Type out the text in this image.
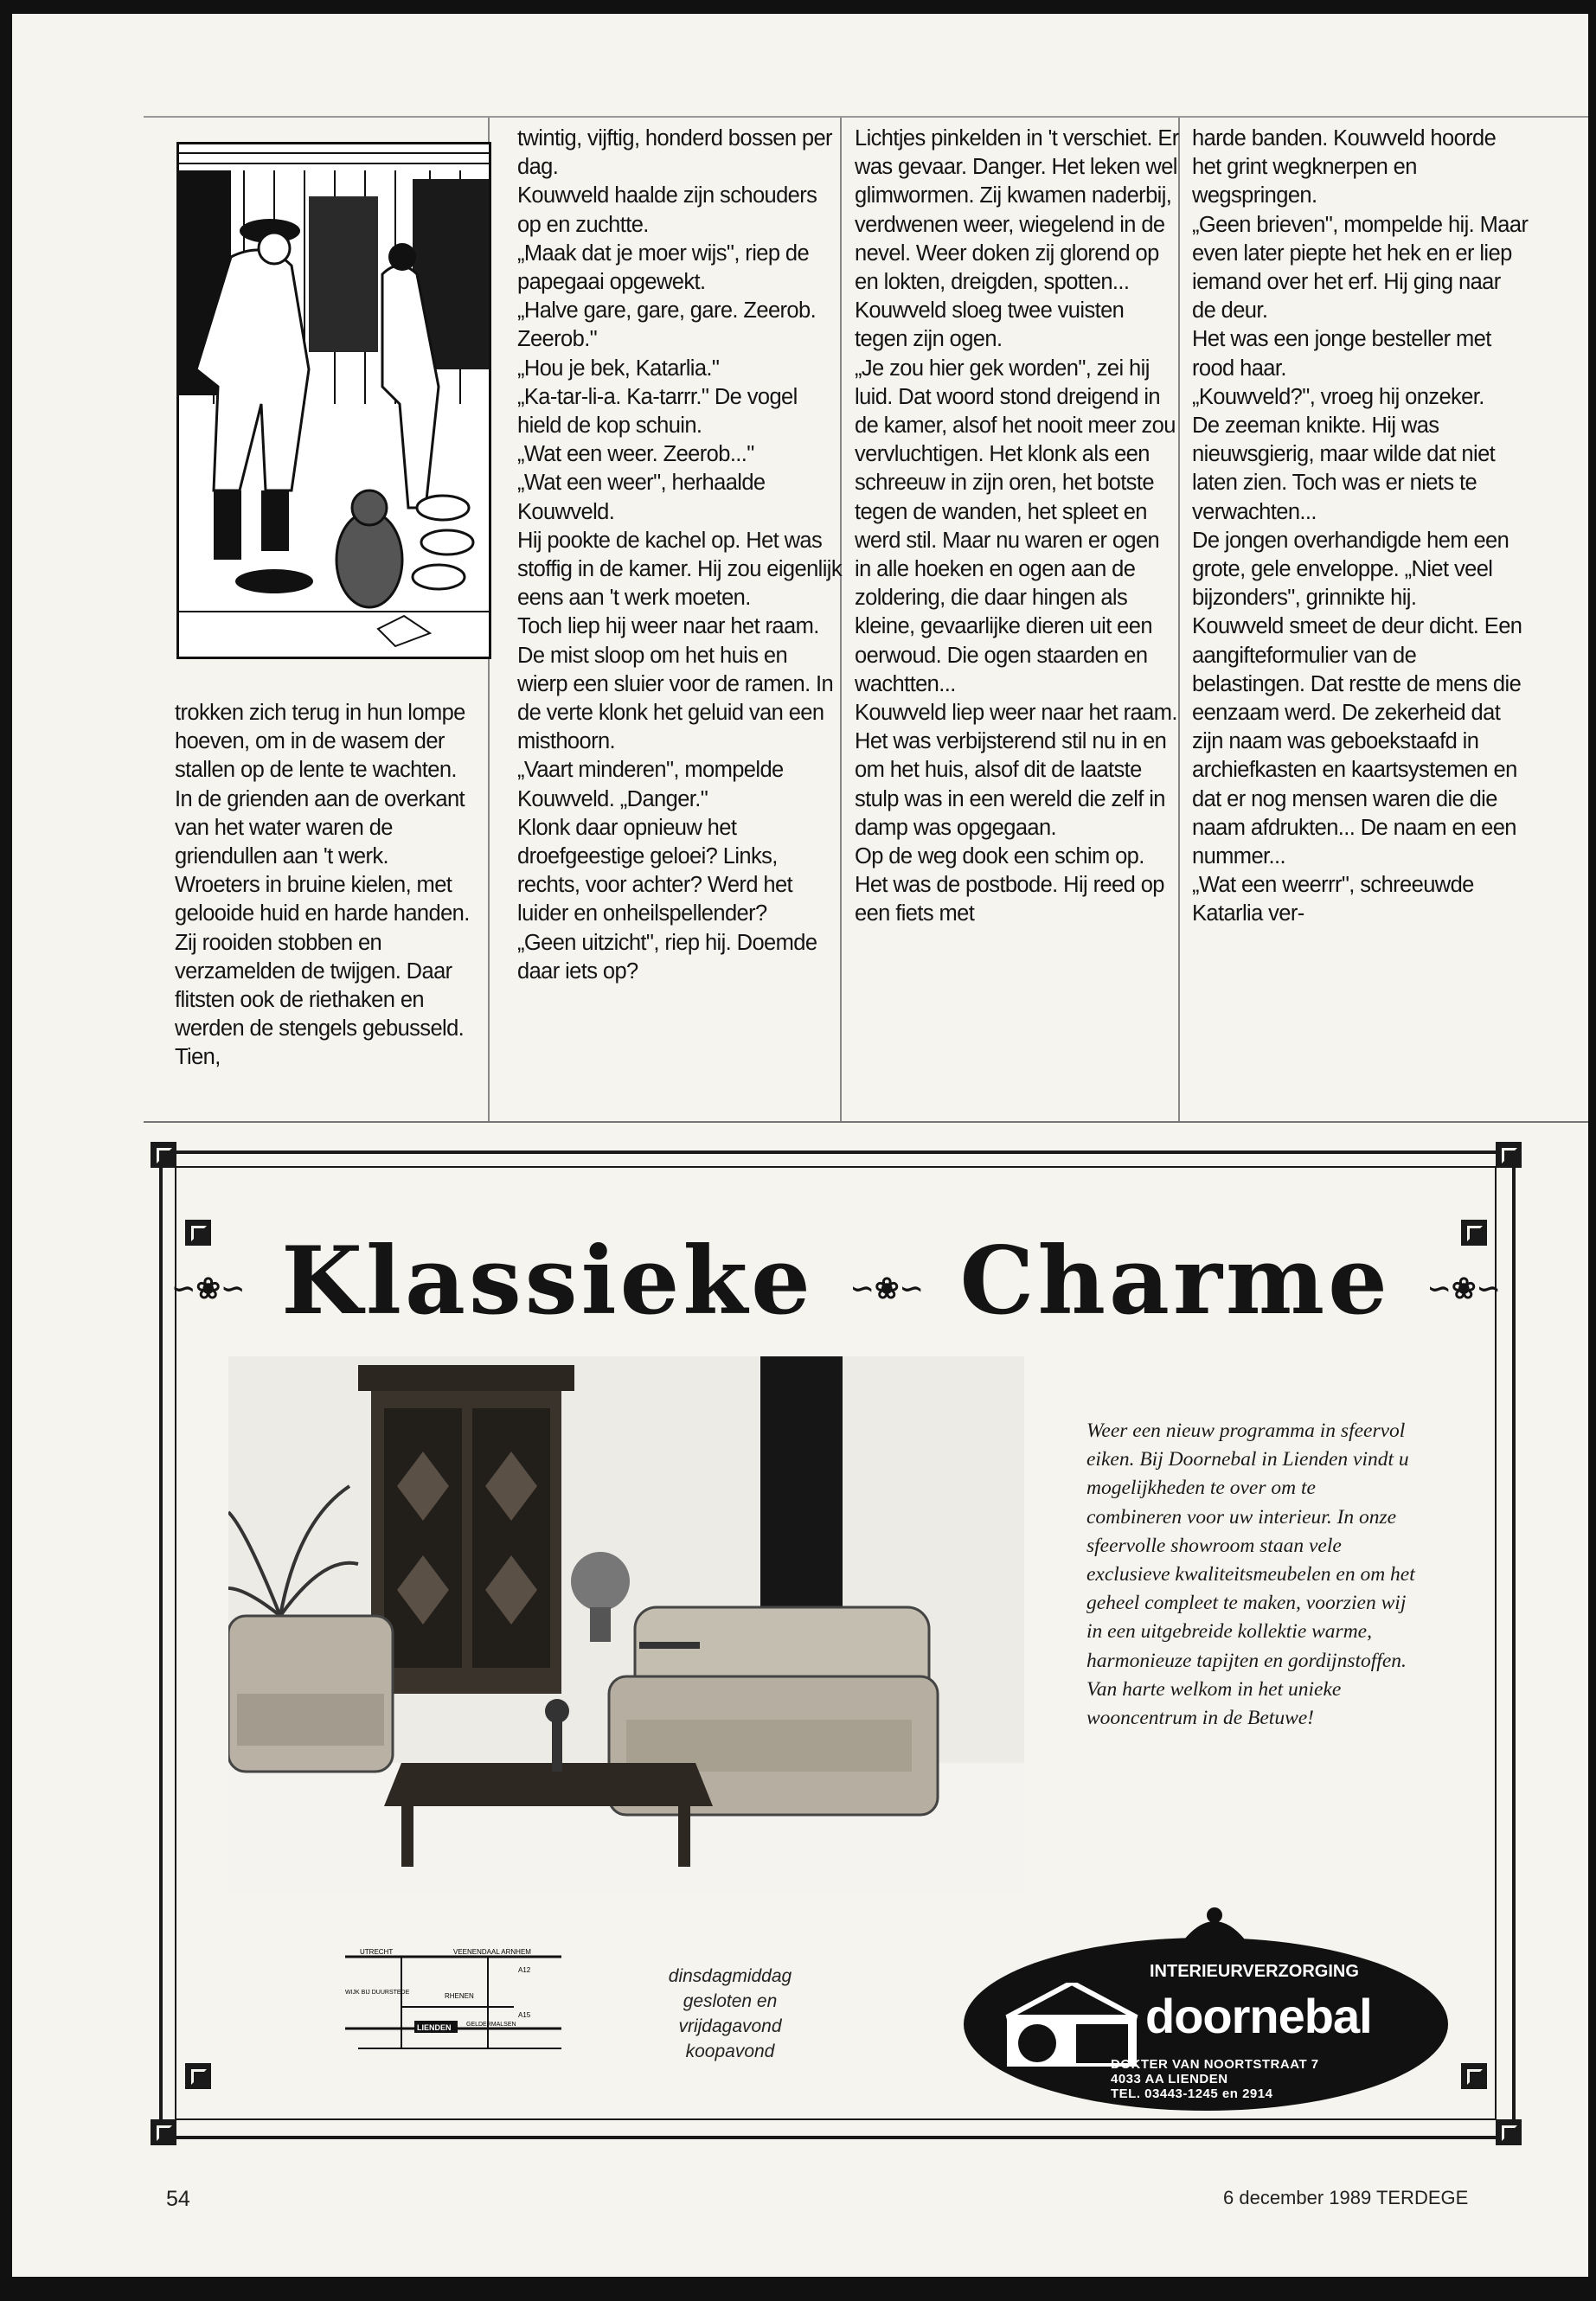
trokken zich terug in hun lompe hoeven, om in de wasem der stallen op de lente te wachten.

In de grienden aan de overkant van het water waren de griendullen aan 't werk. Wroeters in bruine kielen, met gelooide huid en harde handen. Zij rooiden stobben en verzamelden de twijgen. Daar flitsten ook de riethaken en werden de stengels gebusseld. Tien,

twintig, vijftig, honderd bossen per dag.

Kouwveld haalde zijn schouders op en zuchtte.

„Maak dat je moer wijs", riep de papegaai opgewekt.

„Halve gare, gare, gare. Zeerob. Zeerob."

„Hou je bek, Katarlia."

„Ka-tar-li-a. Ka-tarrr." De vogel hield de kop schuin.

„Wat een weer. Zeerob..."

„Wat een weer", herhaalde Kouwveld.

Hij pookte de kachel op. Het was stoffig in de kamer. Hij zou eigenlijk eens aan 't werk moeten.

Toch liep hij weer naar het raam. De mist sloop om het huis en wierp een sluier voor de ramen. In de verte klonk het geluid van een misthoorn.

„Vaart minderen", mompelde Kouwveld. „Danger."

Klonk daar opnieuw het droefgeestige geloei? Links, rechts, voor achter? Werd het luider en onheilspellender?

„Geen uitzicht", riep hij. Doemde daar iets op?

Lichtjes pinkelden in 't verschiet. Er was gevaar. Danger. Het leken wel glimwormen. Zij kwamen naderbij, verdwenen weer, wiegelend in de nevel. Weer doken zij glorend op en lokten, dreigden, spotten...

Kouwveld sloeg twee vuisten tegen zijn ogen.

„Je zou hier gek worden", zei hij luid. Dat woord stond dreigend in de kamer, alsof het nooit meer zou vervluchtigen. Het klonk als een schreeuw in zijn oren, het botste tegen de wanden, het spleet en werd stil. Maar nu waren er ogen in alle hoeken en ogen aan de zoldering, die daar hingen als kleine, gevaarlijke dieren uit een oerwoud. Die ogen staarden en wachtten...

Kouwveld liep weer naar het raam. Het was verbijsterend stil nu in en om het huis, alsof dit de laatste stulp was in een wereld die zelf in damp was opgegaan.

Op de weg dook een schim op. Het was de postbode. Hij reed op een fiets met

harde banden. Kouwveld hoorde het grint wegknerpen en wegspringen.

„Geen brieven", mompelde hij. Maar even later piepte het hek en er liep iemand over het erf. Hij ging naar de deur.

Het was een jonge besteller met rood haar.

„Kouwveld?", vroeg hij onzeker.

De zeeman knikte. Hij was nieuwsgierig, maar wilde dat niet laten zien. Toch was er niets te verwachten...

De jongen overhandigde hem een grote, gele enveloppe. „Niet veel bijzonders", grinnikte hij.

Kouwveld smeet de deur dicht. Een aangifteformulier van de belastingen. Dat restte de mens die eenzaam werd. De zekerheid dat zijn naam was geboekstaafd in archiefkasten en kaartsystemen en dat er nog mensen waren die die naam afdrukten... De naam en een nummer...

„Wat een weerrr", schreeuwde Katarlia ver-

∽❀∽ Klassieke ∽❀∽ Charme ∽❀∽
Weer een nieuw programma in sfeervol eiken. Bij Doornebal in Lienden vindt u mogelijkheden te over om te combineren voor uw interieur. In onze sfeervolle showroom staan vele exclusieve kwaliteitsmeubelen en om het geheel compleet te maken, voorzien wij in een uitgebreide kollektie warme, harmonieuze tapijten en gordijnstoffen. Van harte welkom in het unieke wooncentrum in de Betuwe!
UTRECHT	VEENENDAAL ARNHEM
A12
WIJK BIJ DUURSTEDE	RHENEN
A15
LIENDEN GELDERMALSEN
dinsdagmiddag gesloten en vrijdagavond koopavond
INTERIEURVERZORGING
doornebal
DOKTER VAN NOORTSTRAAT 7
4033 AA LIENDEN
TEL. 03443-1245 en 2914
54	6 december 1989 TERDEGE
